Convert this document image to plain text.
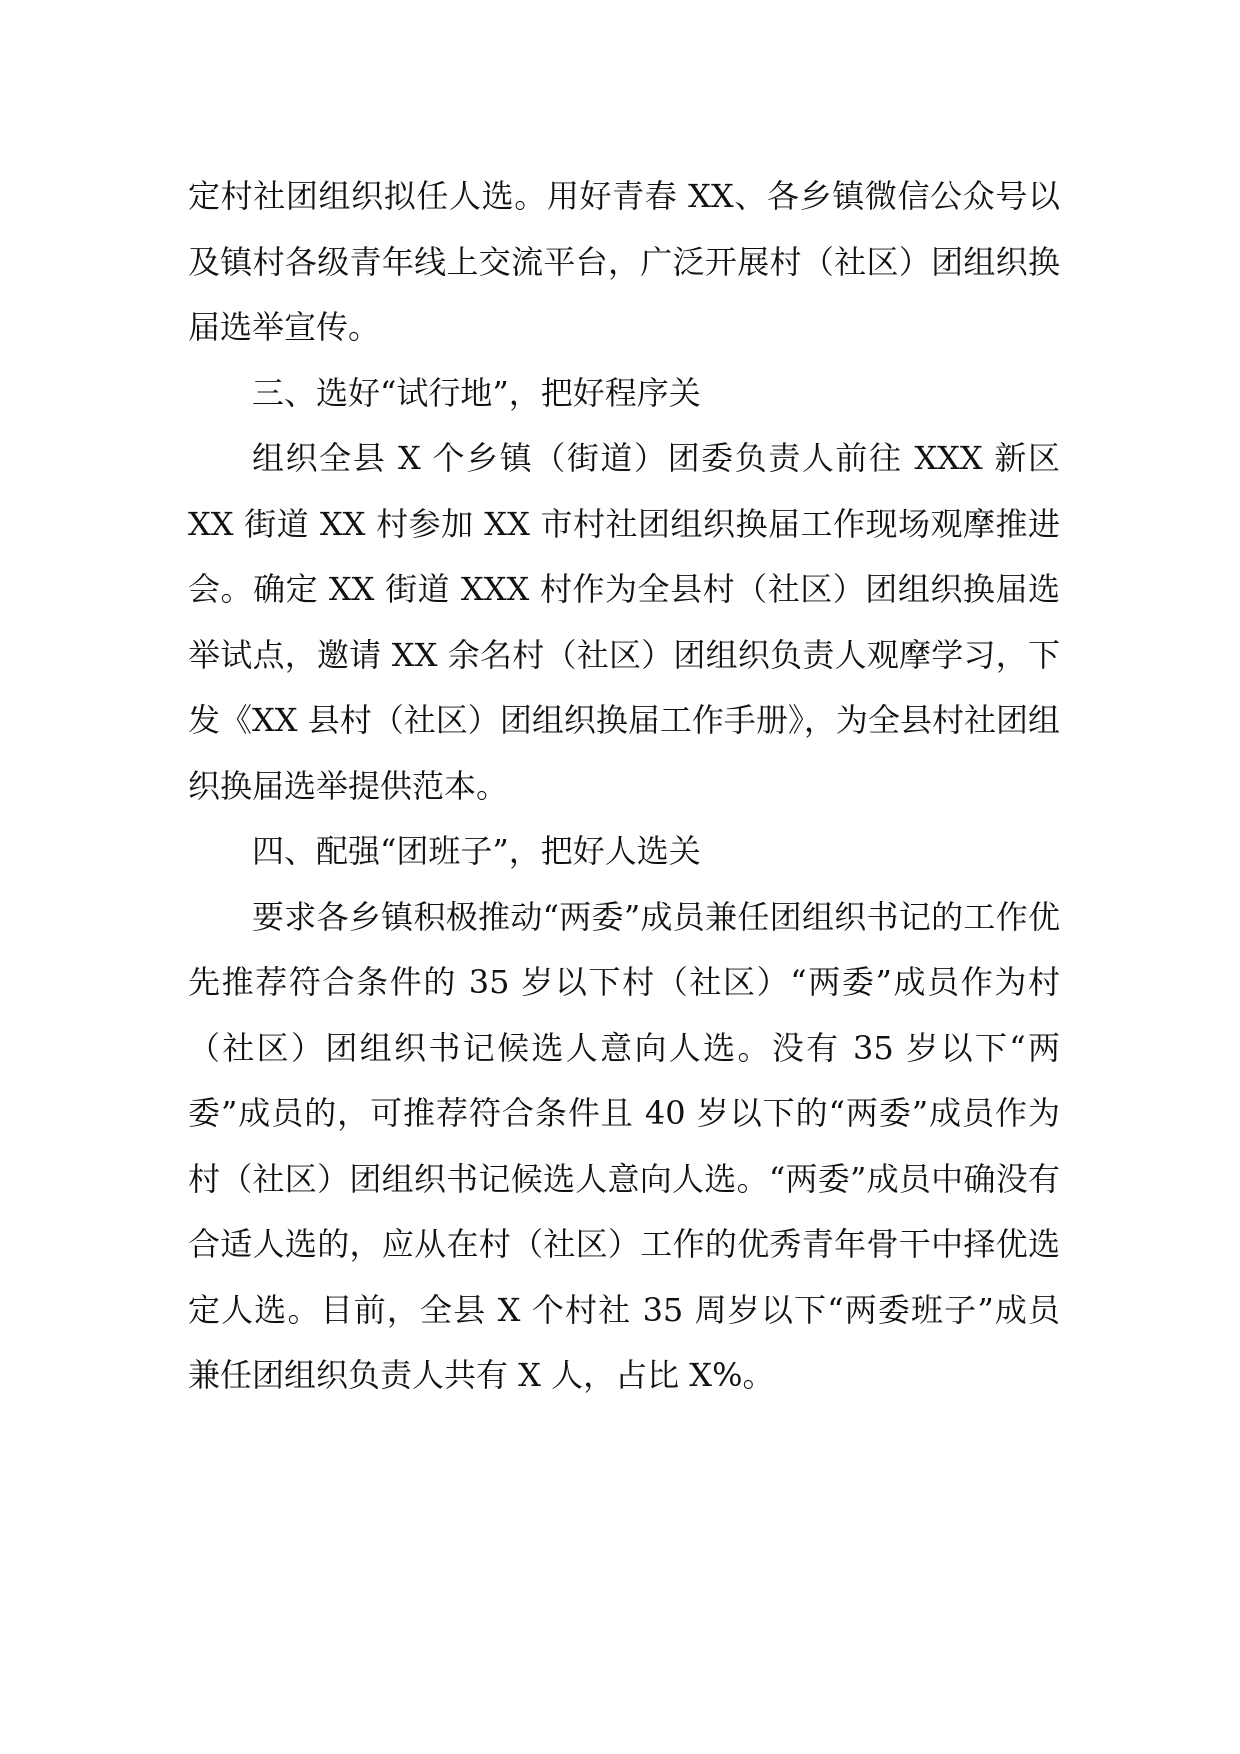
定村社团组织拟任人选。用好青春 XX、各乡镇微信公众号以及镇村各级青年线上交流平台，广泛开展村（社区）团组织换届选举宣传。

三、选好“试行地”，把好程序关

组织全县 X 个乡镇（街道）团委负责人前往 XXX 新区 XX 街道 XX 村参加 XX 市村社团组织换届工作现场观摩推进会。确定 XX 街道 XXX 村作为全县村（社区）团组织换届选举试点，邀请 XX 余名村（社区）团组织负责人观摩学习，下发《XX 县村（社区）团组织换届工作手册》，为全县村社团组织换届选举提供范本。

四、配强“团班子”，把好人选关

要求各乡镇积极推动“两委”成员兼任团组织书记的工作优先推荐符合条件的 35 岁以下村（社区）“两委”成员作为村（社区）团组织书记候选人意向人选。没有 35 岁以下“两委”成员的，可推荐符合条件且 40 岁以下的“两委”成员作为村（社区）团组织书记候选人意向人选。“两委”成员中确没有合适人选的，应从在村（社区）工作的优秀青年骨干中择优选定人选。目前，全县 X 个村社 35 周岁以下“两委班子”成员兼任团组织负责人共有 X 人，占比 X%。
